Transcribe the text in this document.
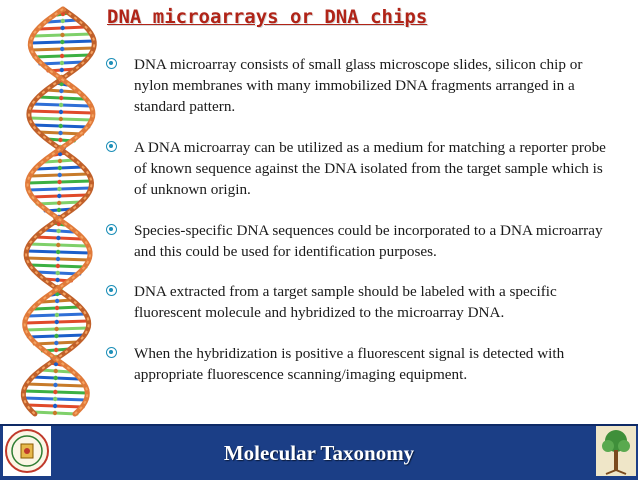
DNA microarrays or DNA chips
DNA microarray consists of small glass microscope slides, silicon chip or nylon membranes with many immobilized DNA fragments arranged in a standard pattern.
A DNA microarray can be utilized as a medium for matching a reporter probe of known sequence against the DNA isolated from the target sample which is of unknown origin.
Species-specific DNA sequences could be incorporated to a DNA microarray and this could be used for identification purposes.
DNA extracted from a target sample should be labeled with a specific fluorescent molecule and hybridized to the microarray DNA.
When the hybridization is positive a fluorescent signal is detected with appropriate fluorescence scanning/imaging equipment.
Molecular Taxonomy
